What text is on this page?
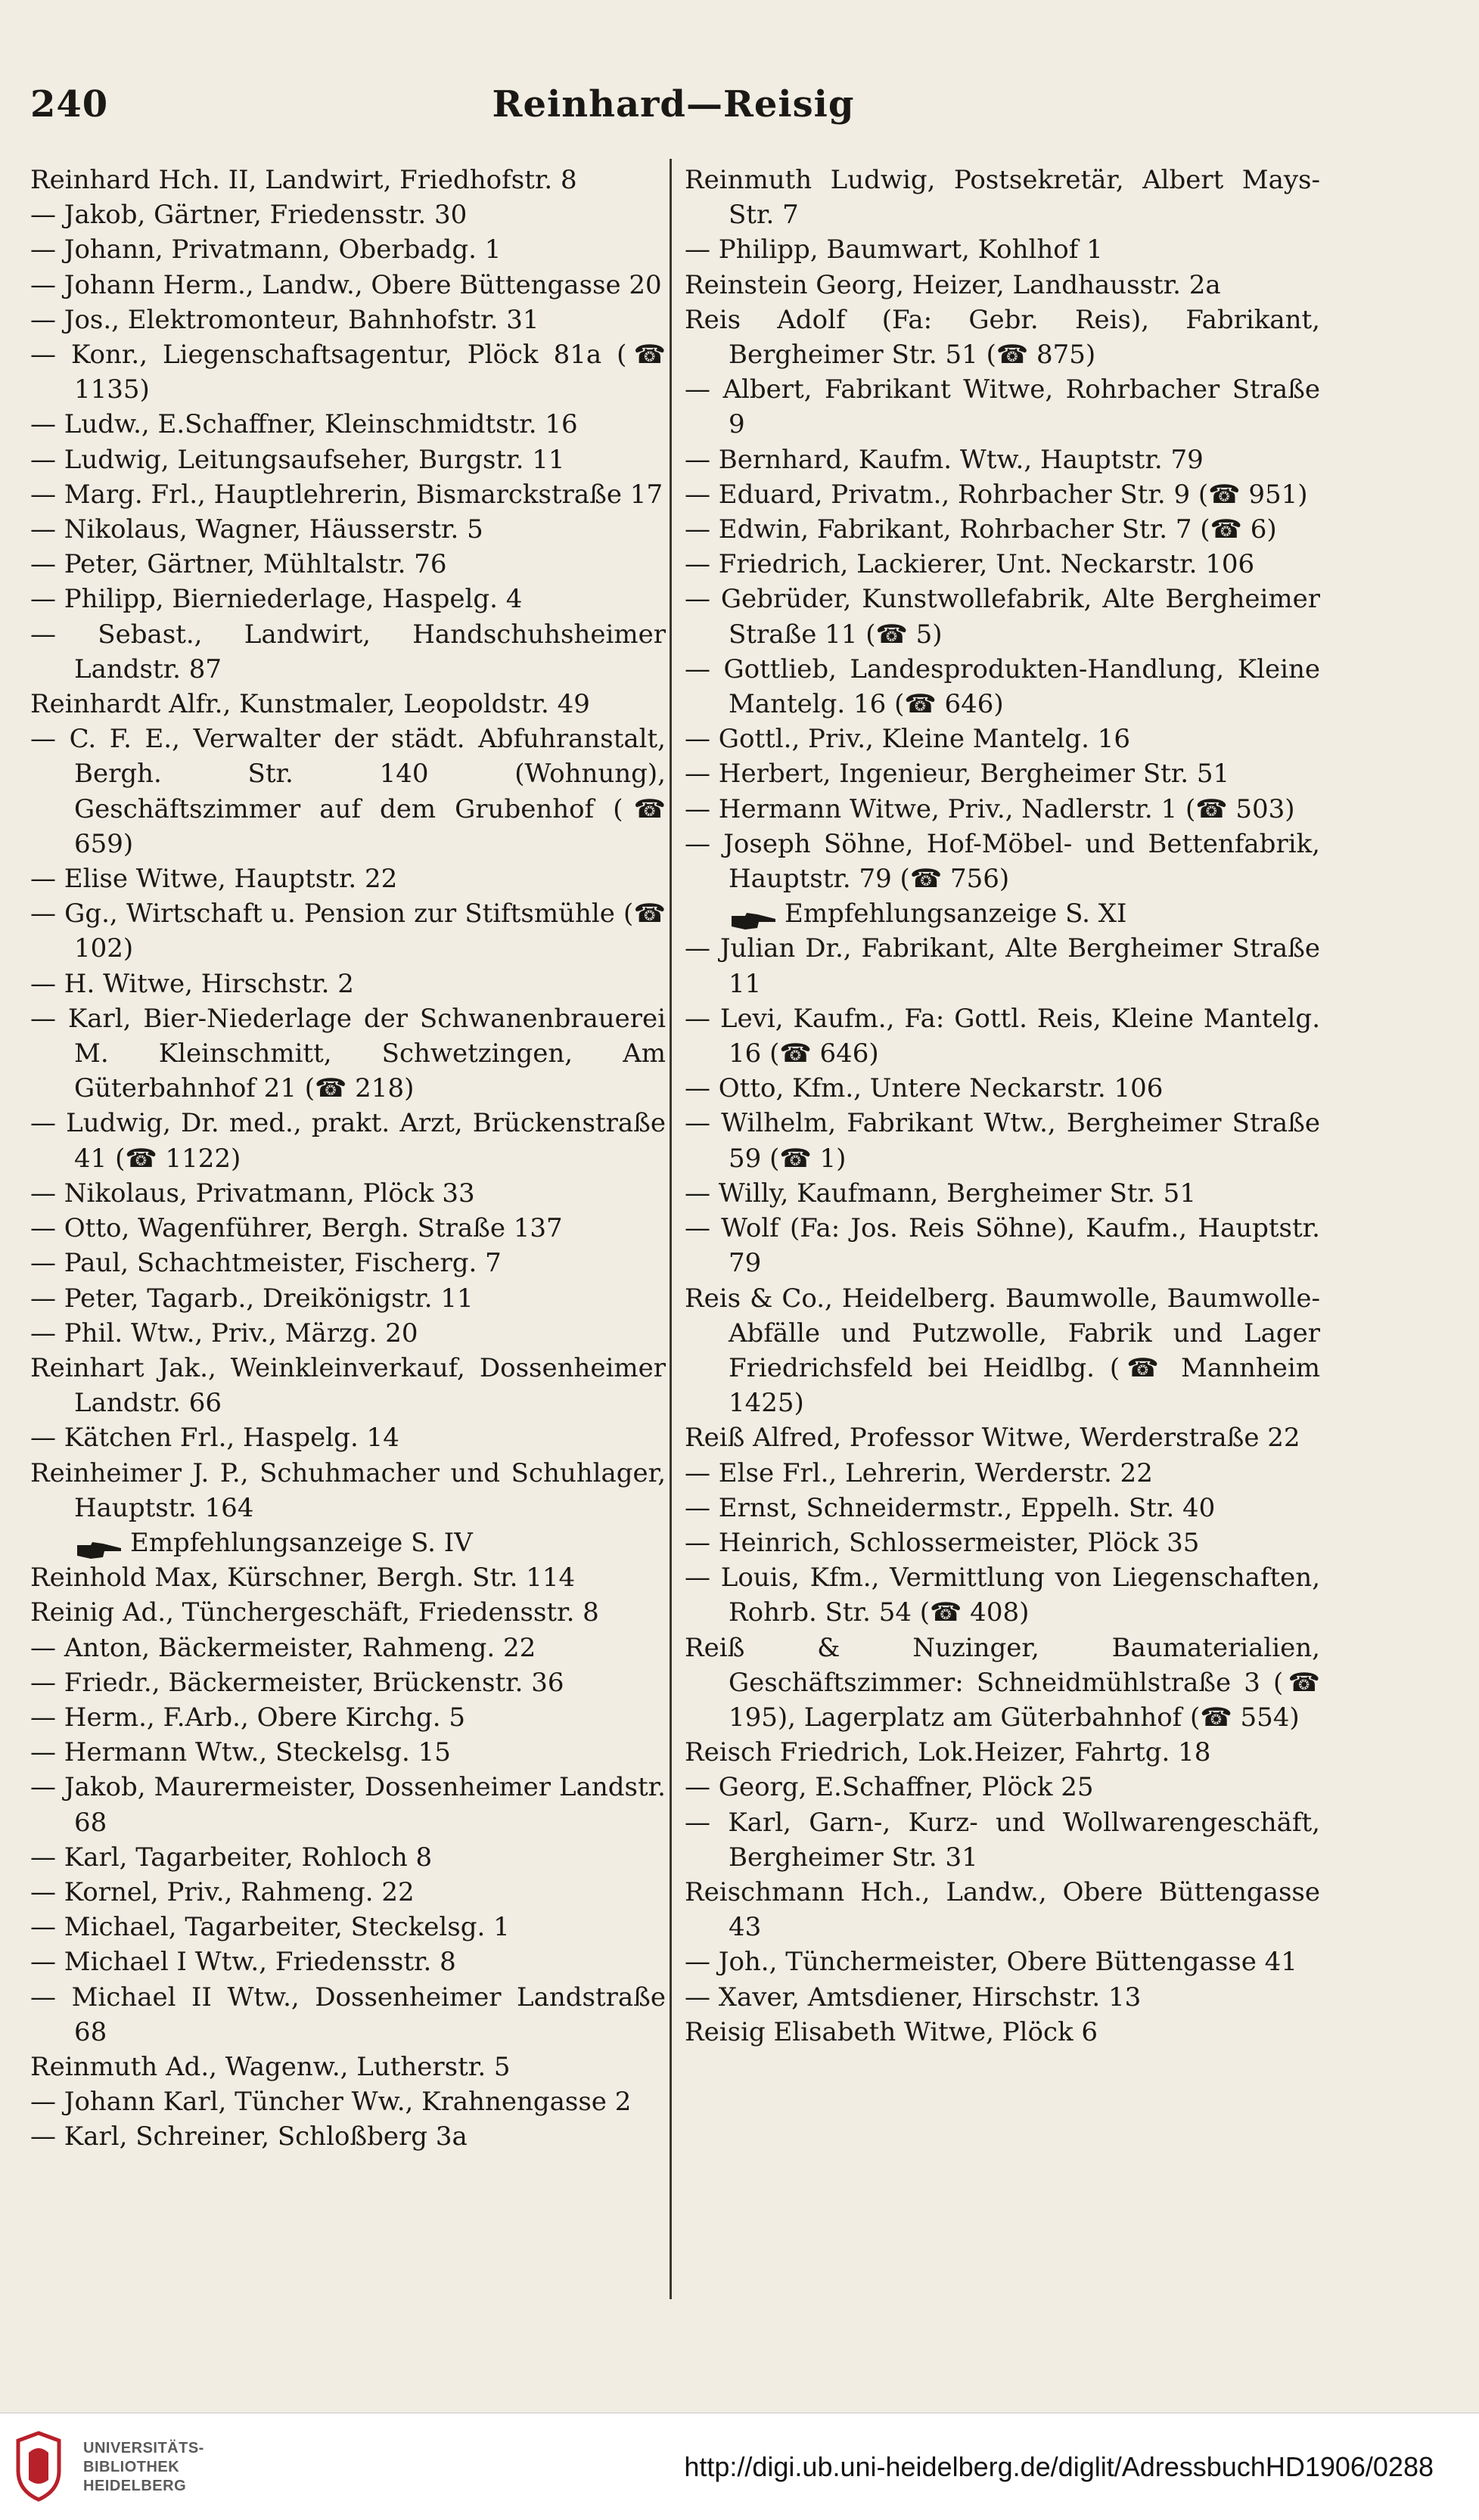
240	Reinhard—Reisig
Reinhard Hch. II, Landwirt, Friedhofstr. 8
— Jakob, Gärtner, Friedensstr. 30
— Johann, Privatmann, Oberbadg. 1
— Johann Herm., Landw., Obere Büttengasse 20
— Jos., Elektromonteur, Bahnhofstr. 31
— Konr., Liegenschaftsagentur, Plöck 81a (☎ 1135)
— Ludw., E.Schaffner, Kleinschmidtstr. 16
— Ludwig, Leitungsaufseher, Burgstr. 11
— Marg. Frl., Hauptlehrerin, Bismarckstraße 17
— Nikolaus, Wagner, Häusserstr. 5
— Peter, Gärtner, Mühltalstr. 76
— Philipp, Bierniederlage, Haspelg. 4
— Sebast., Landwirt, Handschuhsheimer Landstr. 87
Reinhardt Alfr., Kunstmaler, Leopoldstr. 49
— C. F. E., Verwalter der städt. Abfuhranstalt, Bergh. Str. 140 (Wohnung), Geschäftszimmer auf dem Grubenhof (☎ 659)
— Elise Witwe, Hauptstr. 22
— Gg., Wirtschaft u. Pension zur Stiftsmühle (☎ 102)
— H. Witwe, Hirschstr. 2
— Karl, Bier-Niederlage der Schwanenbrauerei M. Kleinschmitt, Schwetzingen, Am Güterbahnhof 21 (☎ 218)
— Ludwig, Dr. med., prakt. Arzt, Brückenstraße 41 (☎ 1122)
— Nikolaus, Privatmann, Plöck 33
— Otto, Wagenführer, Bergh. Straße 137
— Paul, Schachtmeister, Fischerg. 7
— Peter, Tagarb., Dreikönigstr. 11
— Phil. Wtw., Priv., Märzg. 20
Reinhart Jak., Weinkleinverkauf, Dossenheimer Landstr. 66
— Kätchen Frl., Haspelg. 14
Reinheimer J. P., Schuhmacher und Schuhlager, Hauptstr. 164
Empfehlungsanzeige S. IV
Reinhold Max, Kürschner, Bergh. Str. 114
Reinig Ad., Tünchergeschäft, Friedensstr. 8
— Anton, Bäckermeister, Rahmeng. 22
— Friedr., Bäckermeister, Brückenstr. 36
— Herm., F.Arb., Obere Kirchg. 5
— Hermann Wtw., Steckelsg. 15
— Jakob, Maurermeister, Dossenheimer Landstr. 68
— Karl, Tagarbeiter, Rohloch 8
— Kornel, Priv., Rahmeng. 22
— Michael, Tagarbeiter, Steckelsg. 1
— Michael I Wtw., Friedensstr. 8
— Michael II Wtw., Dossenheimer Landstraße 68
Reinmuth Ad., Wagenw., Lutherstr. 5
— Johann Karl, Tüncher Ww., Krahnengasse 2
— Karl, Schreiner, Schloßberg 3a
Reinmuth Ludwig, Postsekretär, Albert Mays-Str. 7
— Philipp, Baumwart, Kohlhof 1
Reinstein Georg, Heizer, Landhausstr. 2a
Reis Adolf (Fa: Gebr. Reis), Fabrikant, Bergheimer Str. 51 (☎ 875)
— Albert, Fabrikant Witwe, Rohrbacher Straße 9
— Bernhard, Kaufm. Wtw., Hauptstr. 79
— Eduard, Privatm., Rohrbacher Str. 9 (☎ 951)
— Edwin, Fabrikant, Rohrbacher Str. 7 (☎ 6)
— Friedrich, Lackierer, Unt. Neckarstr. 106
— Gebrüder, Kunstwollefabrik, Alte Bergheimer Straße 11 (☎ 5)
— Gottlieb, Landesprodukten-Handlung, Kleine Mantelg. 16 (☎ 646)
— Gottl., Priv., Kleine Mantelg. 16
— Herbert, Ingenieur, Bergheimer Str. 51
— Hermann Witwe, Priv., Nadlerstr. 1 (☎ 503)
— Joseph Söhne, Hof-Möbel- und Bettenfabrik, Hauptstr. 79 (☎ 756)
Empfehlungsanzeige S. XI
— Julian Dr., Fabrikant, Alte Bergheimer Straße 11
— Levi, Kaufm., Fa: Gottl. Reis, Kleine Mantelg. 16 (☎ 646)
— Otto, Kfm., Untere Neckarstr. 106
— Wilhelm, Fabrikant Wtw., Bergheimer Straße 59 (☎ 1)
— Willy, Kaufmann, Bergheimer Str. 51
— Wolf (Fa: Jos. Reis Söhne), Kaufm., Hauptstr. 79
Reis & Co., Heidelberg. Baumwolle, Baumwolle-Abfälle und Putzwolle, Fabrik und Lager Friedrichsfeld bei Heidlbg. (☎ Mannheim 1425)
Reiß Alfred, Professor Witwe, Werderstraße 22
— Else Frl., Lehrerin, Werderstr. 22
— Ernst, Schneidermstr., Eppelh. Str. 40
— Heinrich, Schlossermeister, Plöck 35
— Louis, Kfm., Vermittlung von Liegenschaften, Rohrb. Str. 54 (☎ 408)
Reiß & Nuzinger, Baumaterialien, Geschäftszimmer: Schneidmühlstraße 3 (☎ 195), Lagerplatz am Güterbahnhof (☎ 554)
Reisch Friedrich, Lok.Heizer, Fahrtg. 18
— Georg, E.Schaffner, Plöck 25
— Karl, Garn-, Kurz- und Wollwarengeschäft, Bergheimer Str. 31
Reischmann Hch., Landw., Obere Büttengasse 43
— Joh., Tünchermeister, Obere Büttengasse 41
— Xaver, Amtsdiener, Hirschstr. 13
Reisig Elisabeth Witwe, Plöck 6
UNIVERSITÄTS-
BIBLIOTHEK
HEIDELBERG
http://digi.ub.uni-heidelberg.de/diglit/AdressbuchHD1906/0288
